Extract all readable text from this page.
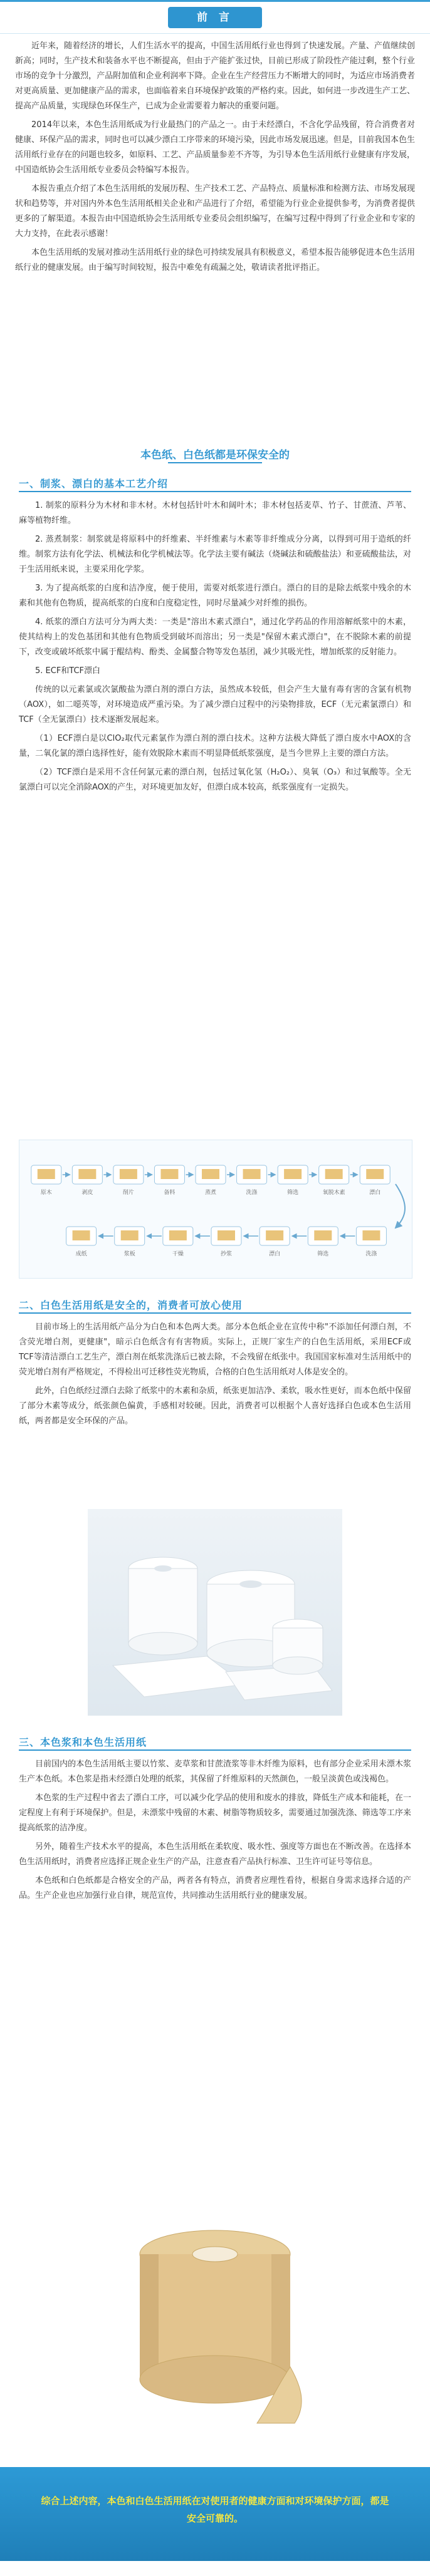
前 言

近年来，随着经济的增长，人们生活水平的提高，中国生活用纸行业也得到了快速发展。产量、产值继续创新高；同时，生产技术和装备水平也不断提高，但由于产能扩张过快，目前已形成了阶段性产能过剩，整个行业市场的竞争十分激烈，产品附加值和企业利润率下降。企业在生产经营压力不断增大的同时，为适应市场消费者对更高质量、更加健康产品的需求，也面临着来自环境保护政策的严格约束。因此，如何进一步改进生产工艺、提高产品质量，实现绿色环保生产，已成为企业需要着力解决的重要问题。

2014年以来，本色生活用纸成为行业最热门的产品之一。由于未经漂白，不含化学品残留，符合消费者对健康、环保产品的需求，同时也可以减少漂白工序带来的环境污染，因此市场发展迅速。但是，目前我国本色生活用纸行业存在的问题也较多，如原料、工艺、产品质量参差不齐等，为引导本色生活用纸行业健康有序发展，中国造纸协会生活用纸专业委员会特编写本报告。

本报告重点介绍了本色生活用纸的发展历程、生产技术工艺、产品特点、质量标准和检测方法、市场发展现状和趋势等，并对国内外本色生活用纸相关企业和产品进行了介绍，希望能为行业企业提供参考，为消费者提供更多的了解渠道。本报告由中国造纸协会生活用纸专业委员会组织编写，在编写过程中得到了行业企业和专家的大力支持，在此表示感谢！

本色生活用纸的发展对推动生活用纸行业的绿色可持续发展具有积极意义，希望本报告能够促进本色生活用纸行业的健康发展。由于编写时间较短，报告中难免有疏漏之处，敬请读者批评指正。

本色纸、白色纸都是环保安全的
一、制浆、漂白的基本工艺介绍

1. 制浆的原料分为木材和非木材。木材包括针叶木和阔叶木；非木材包括麦草、竹子、甘蔗渣、芦苇、麻等植物纤维。

2. 蒸煮制浆：制浆就是将原料中的纤维素、半纤维素与木素等非纤维成分分离，以得到可用于造纸的纤维。制浆方法有化学法、机械法和化学机械法等。化学法主要有碱法（烧碱法和硫酸盐法）和亚硫酸盐法，对于生活用纸来说，主要采用化学浆。

3. 为了提高纸浆的白度和洁净度，便于使用，需要对纸浆进行漂白。漂白的目的是除去纸浆中残余的木素和其他有色物质，提高纸浆的白度和白度稳定性，同时尽量减少对纤维的损伤。

4. 纸浆的漂白方法可分为两大类：一类是"溶出木素式漂白"，通过化学药品的作用溶解纸浆中的木素，使其结构上的发色基团和其他有色物质受到破坏而溶出；另一类是"保留木素式漂白"，在不脱除木素的前提下，改变或破坏纸浆中属于醌结构、酚类、金属螯合物等发色基团，减少其吸光性，增加纸浆的反射能力。

5. ECF和TCF漂白

传统的以元素氯或次氯酸盐为漂白剂的漂白方法，虽然成本较低，但会产生大量有毒有害的含氯有机物（AOX），如二噁英等，对环境造成严重污染。为了减少漂白过程中的污染物排放，ECF（无元素氯漂白）和TCF（全无氯漂白）技术逐渐发展起来。

（1）ECF漂白是以ClO₂取代元素氯作为漂白剂的漂白技术。这种方法极大降低了漂白废水中AOX的含量，二氧化氯的漂白选择性好，能有效脱除木素而不明显降低纸浆强度，是当今世界上主要的漂白方法。

（2）TCF漂白是采用不含任何氯元素的漂白剂，包括过氧化氢（H₂O₂）、臭氧（O₃）和过氧酸等。全无氯漂白可以完全消除AOX的产生，对环境更加友好，但漂白成本较高，纸浆强度有一定损失。

原木	剥皮	削片	备料	蒸煮	洗涤	筛选	氧脱木素	漂白
洗涤
筛选
漂白
抄浆
干燥
浆板
成纸
二、白色生活用纸是安全的，消费者可放心使用

目前市场上的生活用纸产品分为白色和本色两大类。部分本色纸企业在宣传中称"不添加任何漂白剂，不含荧光增白剂，更健康"，暗示白色纸含有有害物质。实际上，正规厂家生产的白色生活用纸，采用ECF或TCF等清洁漂白工艺生产，漂白剂在纸浆洗涤后已被去除，不会残留在纸张中。我国国家标准对生活用纸中的荧光增白剂有严格规定，不得检出可迁移性荧光物质，合格的白色生活用纸对人体是安全的。

此外，白色纸经过漂白去除了纸浆中的木素和杂质，纸张更加洁净、柔软，吸水性更好，而本色纸中保留了部分木素等成分，纸张颜色偏黄，手感相对较硬。因此，消费者可以根据个人喜好选择白色或本色生活用纸，两者都是安全环保的产品。

三、本色浆和本色生活用纸

目前国内的本色生活用纸主要以竹浆、麦草浆和甘蔗渣浆等非木纤维为原料，也有部分企业采用未漂木浆生产本色纸。本色浆是指未经漂白处理的纸浆，其保留了纤维原料的天然颜色，一般呈淡黄色或浅褐色。

本色浆的生产过程中省去了漂白工序，可以减少化学品的使用和废水的排放，降低生产成本和能耗，在一定程度上有利于环境保护。但是，未漂浆中残留的木素、树脂等物质较多，需要通过加强洗涤、筛选等工序来提高纸浆的洁净度。

另外，随着生产技术水平的提高，本色生活用纸在柔软度、吸水性、强度等方面也在不断改善。在选择本色生活用纸时，消费者应选择正规企业生产的产品，注意查看产品执行标准、卫生许可证号等信息。

本色纸和白色纸都是合格安全的产品，两者各有特点，消费者应理性看待，根据自身需求选择合适的产品。生产企业也应加强行业自律，规范宣传，共同推动生活用纸行业的健康发展。

综合上述内容，本色和白色生活用纸在对使用者的健康方面和对环境保护方面，都是安全可靠的。
